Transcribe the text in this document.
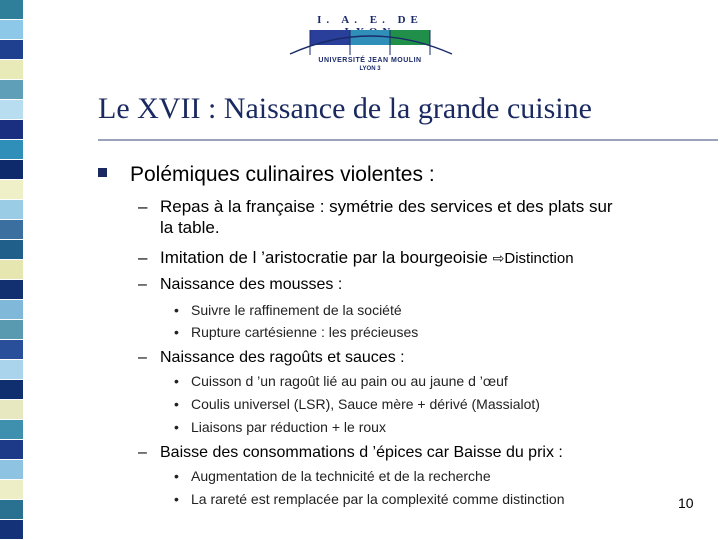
I. A. E. DE
UNIVERSITÉ JEAN MOULIN
LYON 3
Le XVII : Naissance de la grande cuisine
Polémiques culinaires violentes :
– Repas à la française : symétrie des services et des plats sur
la table.
– Imitation de l ’aristocratie par la bourgeoisie ⇨Distinction
– Naissance des mousses :
• Suivre le raffinement de la société
• Rupture cartésienne : les précieuses
– Naissance des ragoûts et sauces :
• Cuisson d ’un ragoût lié au pain ou au jaune d ’œuf
• Coulis universel (LSR), Sauce mère + dérivé (Massialot)
• Liaisons par réduction + le roux
– Baisse des consommations d ’épices car Baisse du prix :
• Augmentation de la technicité et de la recherche
• La rareté est remplacée par la complexité comme distinction	10
